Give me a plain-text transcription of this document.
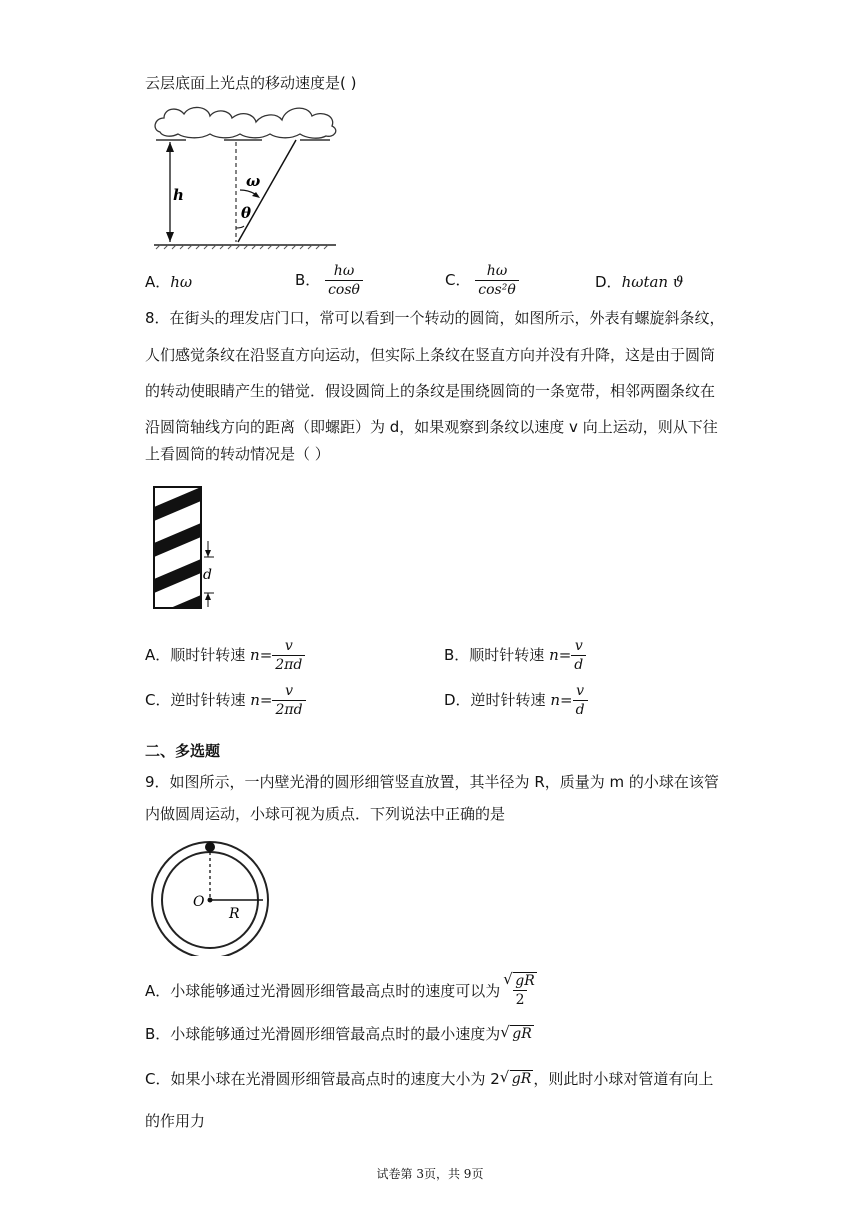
云层底面上光点的移动速度是( )
h
ω
θ
A．hω	B． $\frac{h\omega}{\cos\theta}$	C． $\frac{h\omega}{\text{cos²θ}}$	D．hωtan ϑ
8．在街头的理发店门口，常可以看到一个转动的圆筒，如图所示，外表有螺旋斜条纹，
人们感觉条纹在沿竖直方向运动，但实际上条纹在竖直方向并没有升降，这是由于圆筒
的转动使眼睛产生的错觉．假设圆筒上的条纹是围绕圆筒的一条宽带，相邻两圈条纹在
沿圆筒轴线方向的距离（即螺距）为 d，如果观察到条纹以速度 v 向上运动，则从下往
上看圆筒的转动情况是（ ）
d
A．顺时针转速 $n= \frac{v}{2\pi d}$	B．顺时针转速 $n= \frac{v}{d}$
C．逆时针转速 $n= \frac{v}{2\pi d}$	D．逆时针转速 $n= \frac{v}{d}$
二、多选题
9．如图所示，一内壁光滑的圆形细管竖直放置，其半径为 R，质量为 m 的小球在该管
内做圆周运动，小球可视为质点．下列说法中正确的是
O
R
A．小球能够通过光滑圆形细管最高点时的速度可以为 $\frac{√ gR}{2}$
B．小球能够通过光滑圆形细管最高点时的最小速度为 √ gR
C．如果小球在光滑圆形细管最高点时的速度大小为 2 √ gR ，则此时小球对管道有向上
的作用力
试卷第 3页，共 9页
